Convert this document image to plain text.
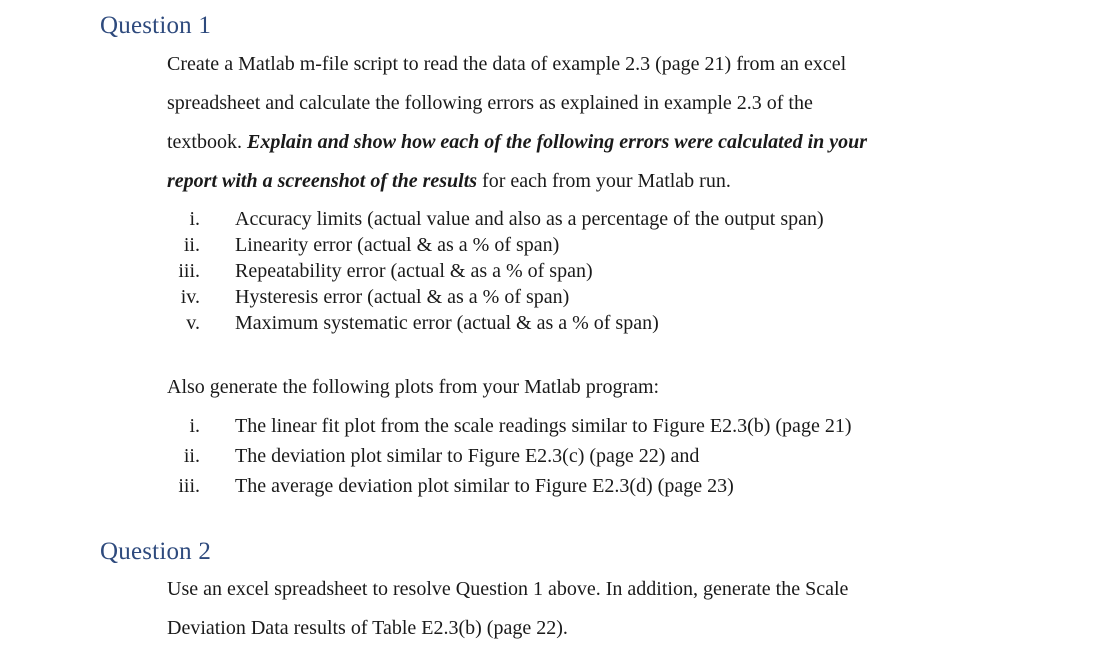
Question 1

Create a Matlab m-file script to read the data of example 2.3 (page 21) from an excel
spreadsheet and calculate the following errors as explained in example 2.3 of the
textbook. Explain and show how each of the following errors were calculated in your
report with a screenshot of the results for each from your Matlab run.

i. Accuracy limits (actual value and also as a percentage of the output span)
ii. Linearity error (actual & as a % of span)
iii. Repeatability error (actual & as a % of span)
iv. Hysteresis error (actual & as a % of span)
v. Maximum systematic error (actual & as a % of span)

Also generate the following plots from your Matlab program:

i. The linear fit plot from the scale readings similar to Figure E2.3(b) (page 21)
ii. The deviation plot similar to Figure E2.3(c) (page 22) and
iii. The average deviation plot similar to Figure E2.3(d) (page 23)
Question 2

Use an excel spreadsheet to resolve Question 1 above. In addition, generate the Scale
Deviation Data results of Table E2.3(b) (page 22).
